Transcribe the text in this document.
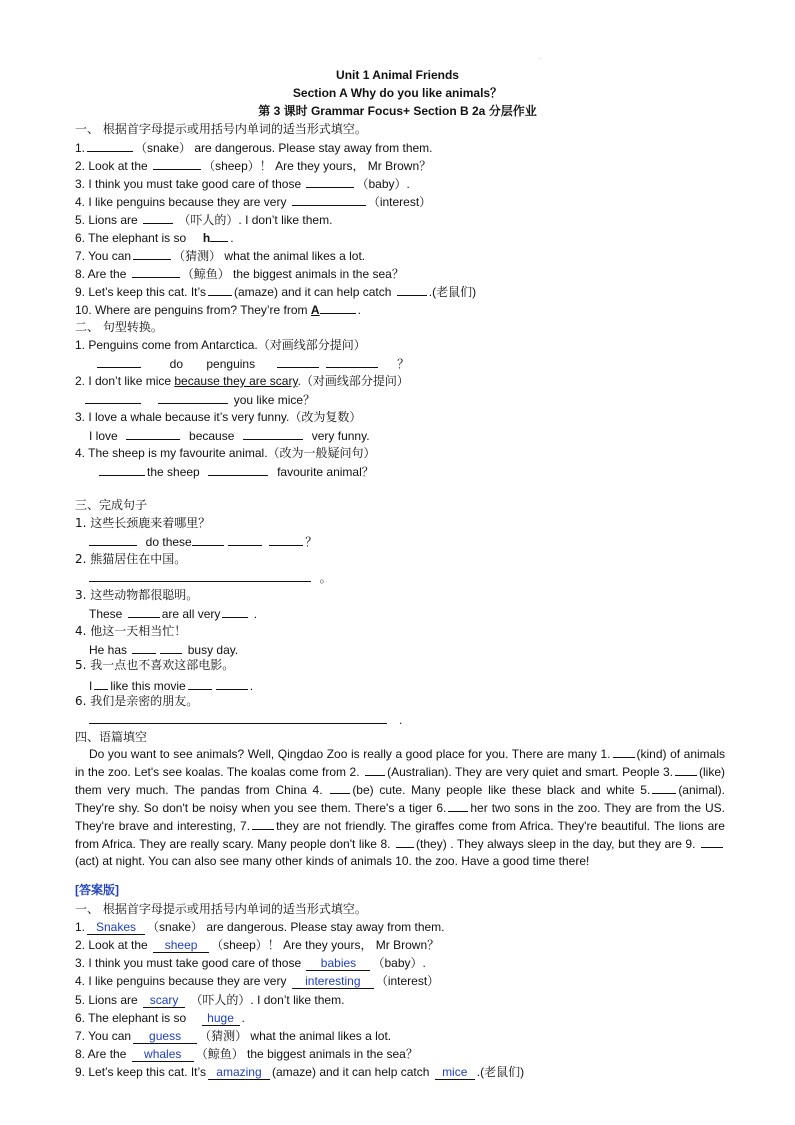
.
Unit 1 Animal Friends
Section A Why do you like animals？
第 3 课时 Grammar Focus+ Section B 2a 分层作业
一、 根据首字母提示或用括号内单词的适当形式填空。
1.	（snake） are dangerous. Please stay away from them.
2. Look at the	（sheep）！ Are they yours， Mr Brown？
3. I think you must take good care of those	（baby）.
4. I like penguins because they are very	（interest）
5. Lions are	（吓人的）. I don’t like them.
6. The elephant is so h .
7. You can	（猜测） what the animal likes a lot.
8. Are the	（鲸鱼） the biggest animals in the sea？
9. Let’s keep this cat. It’s (amaze) and it can help catch	.(老鼠们)
10. Where are penguins from? They’re from A	.
二、 句型转换。
1. Penguins come from Antarctica.（对画线部分提问）
do penguins	？
2. I don’t like mice because they are scary.（对画线部分提问）
you like mice？
3. I love a whale because it’s very funny.（改为复数）
I love	because	very funny.
4. The sheep is my favourite animal.（改为一般疑问句）
the sheep	favourite animal？
三、完成句子
1. 这些长颈鹿来着哪里？
do these	？
2. 熊猫居住在中国。
。
3. 这些动物都很聪明。
These	are all very	.
4. 他这一天相当忙！
He has	busy day.
5. 我一点也不喜欢这部电影。
I like this movie	.
6. 我们是亲密的朋友。
.
四、语篇填空
Do you want to see animals? Well, Qingdao Zoo is really a good place for you. There are many 1. (kind) of animals in the zoo. Let's see koalas. The koalas come from 2. (Australian). They are very quiet and smart. People 3. (like) them very much. The pandas from China 4. (be) cute. Many people like these black and white 5. (animal). They're shy. So don't be noisy when you see them. There's a tiger 6. her two sons in the zoo. They are from the US. They're brave and interesting, 7. they are not friendly. The giraffes come from Africa. They're beautiful. The lions are from Africa. They are really scary. Many people don't like 8. (they) . They always sleep in the day, but they are 9.  (act) at night. You can also see many other kinds of animals 10. the zoo. Have a good time there!
[答案版]
一、 根据首字母提示或用括号内单词的适当形式填空。
1. Snakes （snake） are dangerous. Please stay away from them.
2. Look at the sheep （sheep）！ Are they yours， Mr Brown？
3. I think you must take good care of those babies （baby）.
4. I like penguins because they are very interesting （interest）
5. Lions are scary （吓人的）. I don’t like them.
6. The elephant is so huge .
7. You can guess （猜测） what the animal likes a lot.
8. Are the whales （鲸鱼） the biggest animals in the sea？
9. Let’s keep this cat. It’s amazing (amaze) and it can help catch mice .(老鼠们)
